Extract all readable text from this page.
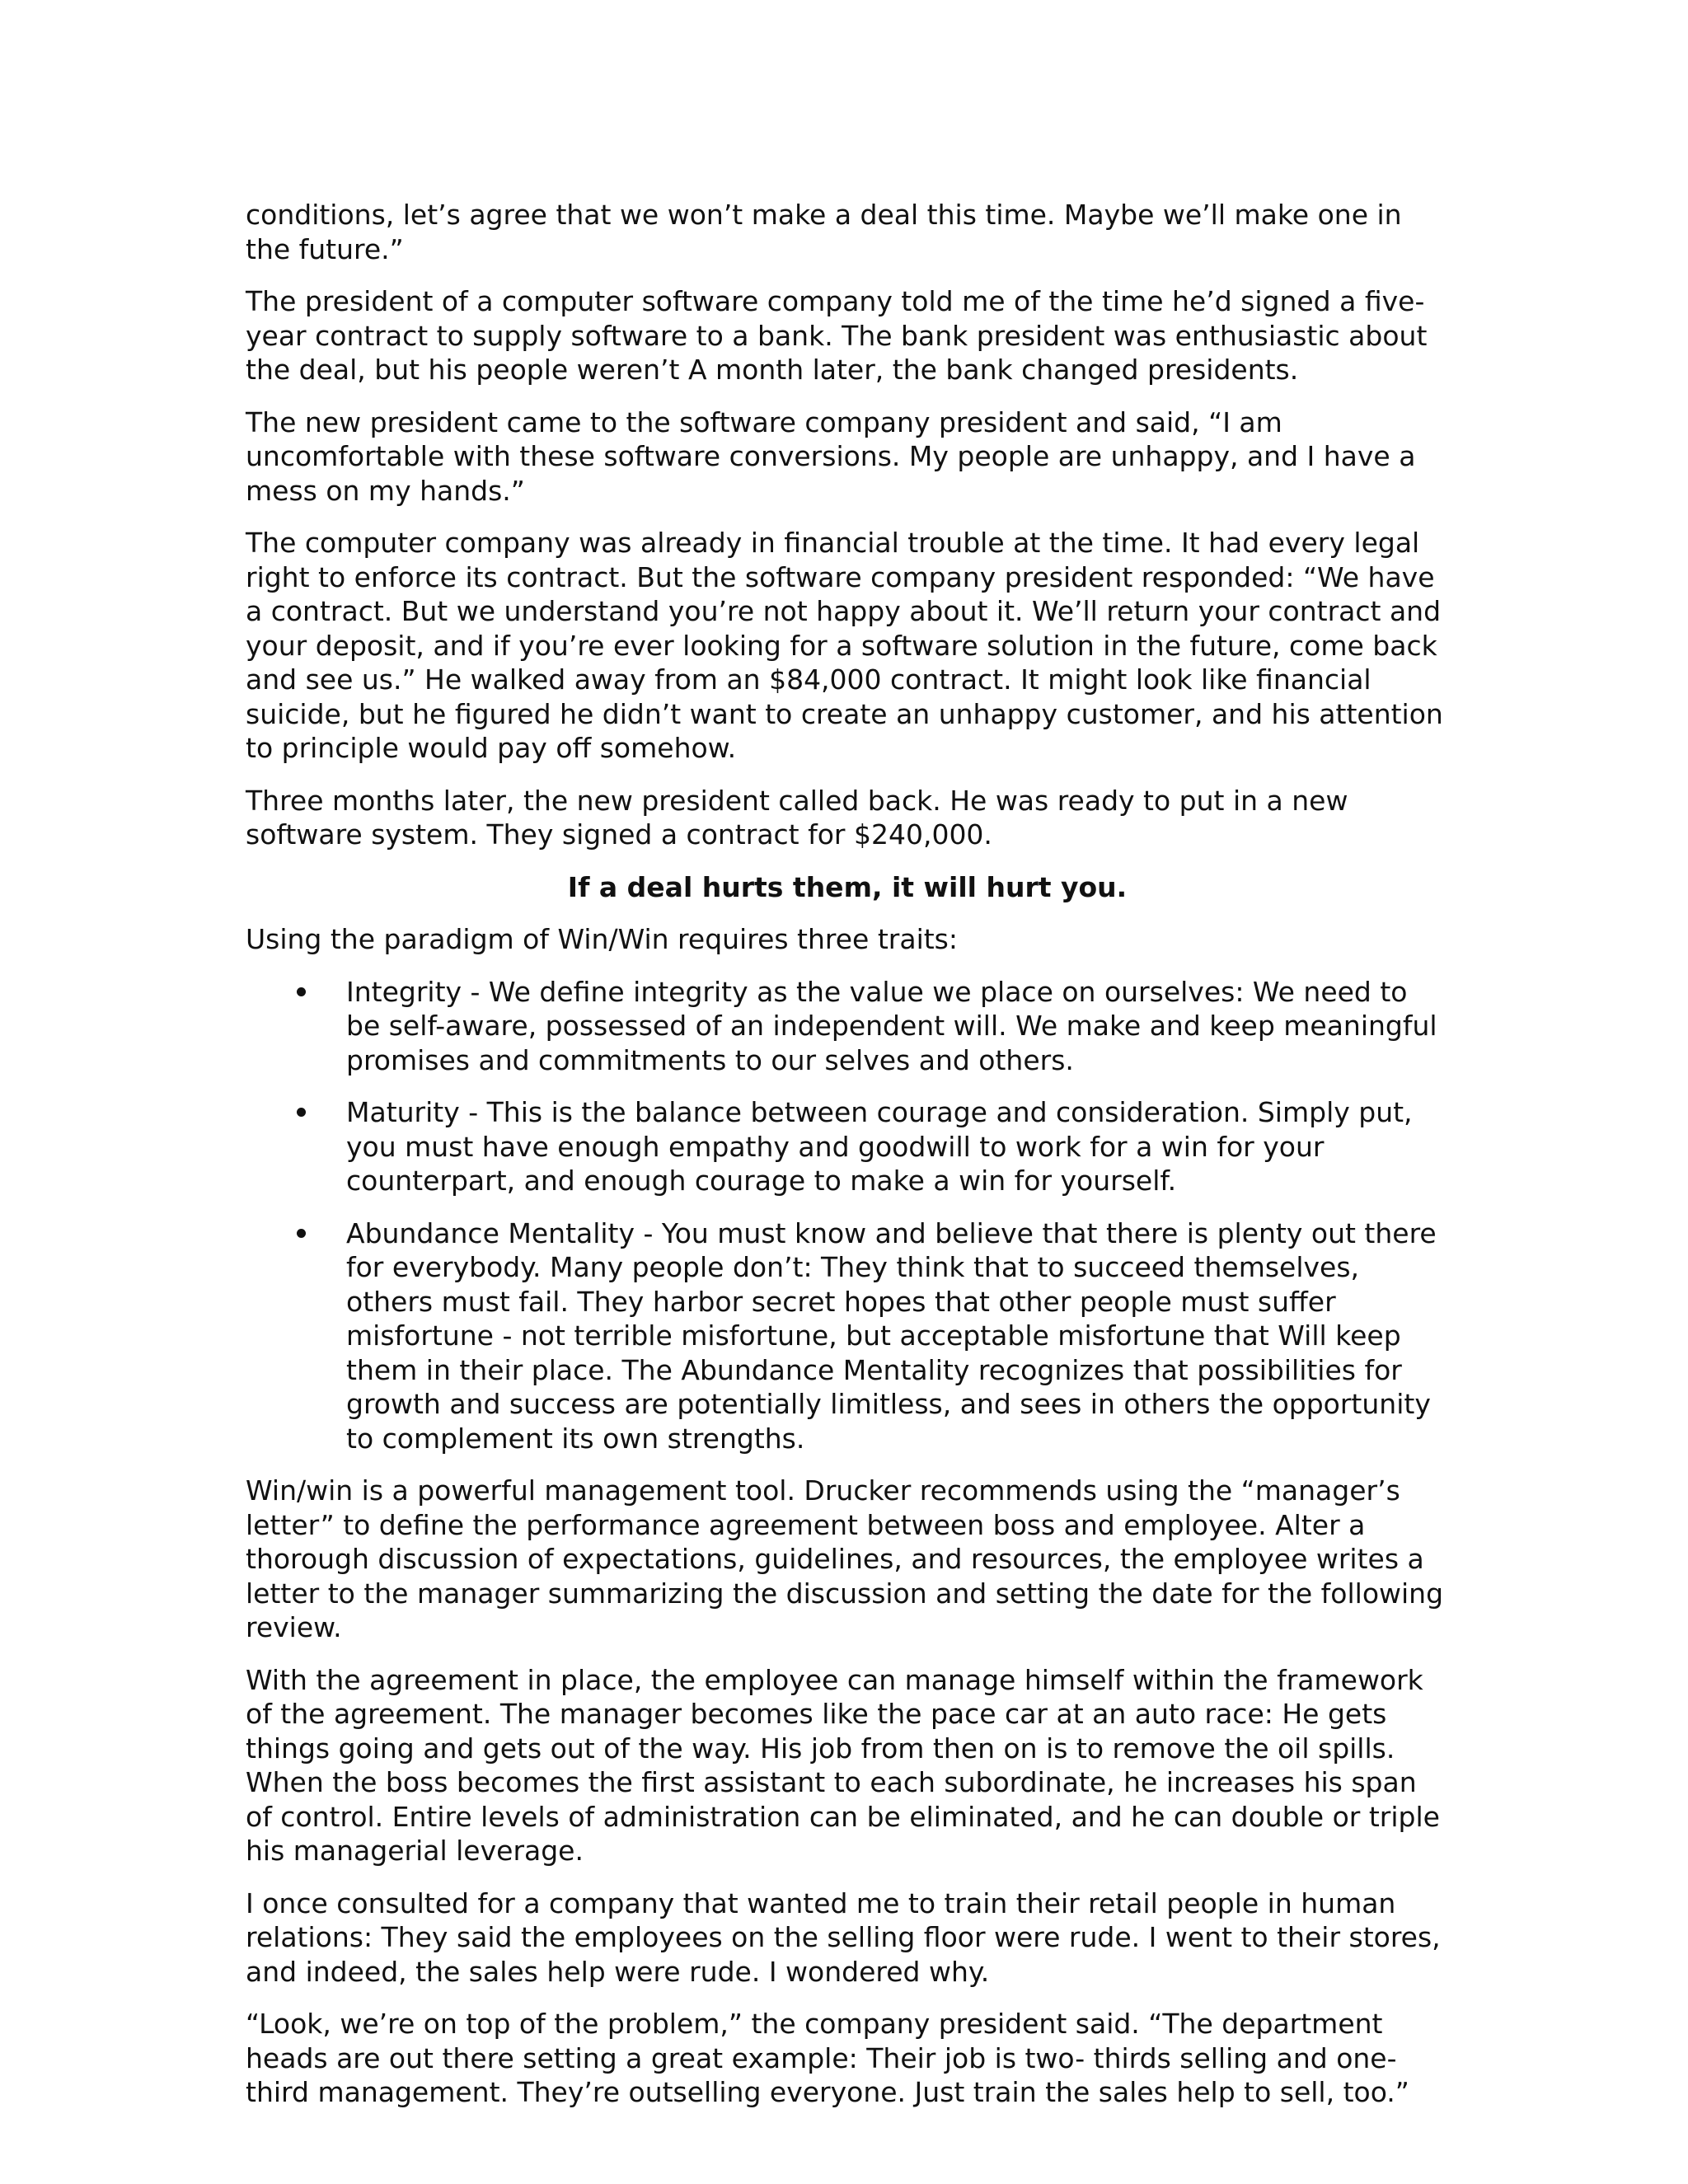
conditions, let’s agree that we won’t make a deal this time. Maybe we’ll make one in the future.”

The president of a computer software company told me of the time he’d signed a five-year contract to supply software to a bank. The bank president was enthusiastic about the deal, but his people weren’t A month later, the bank changed presidents.

The new president came to the software company president and said, “I am uncomfortable with these software conversions. My people are unhappy, and I have a mess on my hands.”

The computer company was already in financial trouble at the time. It had every legal right to enforce its contract. But the software company president responded: “We have a contract. But we understand you’re not happy about it. We’ll return your contract and your deposit, and if you’re ever looking for a software solution in the future, come back and see us.” He walked away from an $84,000 contract. It might look like financial suicide, but he figured he didn’t want to create an unhappy customer, and his attention to principle would pay off somehow.

Three months later, the new president called back. He was ready to put in a new software system. They signed a contract for $240,000.

If a deal hurts them, it will hurt you.

Using the paradigm of Win/Win requires three traits:

Integrity - We define integrity as the value we place on ourselves: We need to be self-aware, possessed of an independent will. We make and keep meaningful promises and commitments to our selves and others.
Maturity - This is the balance between courage and consideration. Simply put, you must have enough empathy and goodwill to work for a win for your counterpart, and enough courage to make a win for yourself.
Abundance Mentality - You must know and believe that there is plenty out there for everybody. Many people don’t: They think that to succeed themselves, others must fail. They harbor secret hopes that other people must suffer misfortune - not terrible misfortune, but acceptable misfortune that Will keep them in their place. The Abundance Mentality recognizes that possibilities for growth and success are potentially limitless, and sees in others the opportunity to complement its own strengths.

Win/win is a powerful management tool. Drucker recommends using the “manager’s letter” to define the performance agreement between boss and employee. Alter a thorough discussion of expectations, guidelines, and resources, the employee writes a letter to the manager summarizing the discussion and setting the date for the following review.

With the agreement in place, the employee can manage himself within the framework of the agreement. The manager becomes like the pace car at an auto race: He gets things going and gets out of the way. His job from then on is to remove the oil spills. When the boss becomes the first assistant to each subordinate, he increases his span of control. Entire levels of administration can be eliminated, and he can double or triple his managerial leverage.

I once consulted for a company that wanted me to train their retail people in human relations: They said the employees on the selling floor were rude. I went to their stores, and indeed, the sales help were rude. I wondered why.

“Look, we’re on top of the problem,” the company president said. “The department heads are out there setting a great example: Their job is two- thirds selling and one-third management. They’re outselling everyone. Just train the sales help to sell, too.”
